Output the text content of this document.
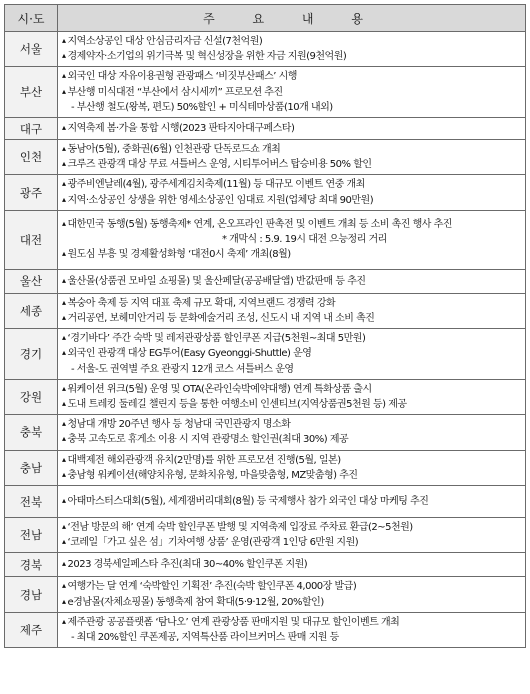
시·도	주 요 내 용
서울	▴ 지역소상공인 대상 안심금리자금 신설(7천억원)
▴ 경제약자·소기업의 위기극복 및 혁신성장을 위한 자금 지원(9천억원)

부산	▴ 외국인 대상 자유이용권형 관광패스 ‘비짓부산패스’ 시행
▴ 부산행 미식대전 “부산에서 삼시세끼” 프로모션 추진
- 부산행 철도(왕복, 편도) 50%할인 + 미식테마상품(10개 내외)

대구	▴ 지역축제 봄·가을 통합 시행(2023 판타지아대구페스타)

인천	▴ 동남아(5월), 중화권(6월) 인천관광 단독로드쇼 개최
▴ 크루즈 관광객 대상 무료 셔틀버스 운영, 시티투어버스 탑승비용 50% 할인

광주	▴ 광주비엔날레(4월), 광주세계김치축제(11월) 등 대규모 이벤트 연중 개최
▴ 지역·소상공인 상생을 위한 영세소상공인 임대료 지원(업체당 최대 90만원)

대전	▴ 대한민국 동행(5월) 동행축제* 연계, 온오프라인 판촉전 및 이벤트 개최 등 소비 촉진 행사 추진
* 개막식 : 5.9. 19시 대전 으능정리 거리
▴ 원도심 부흥 및 경제활성화형 ‘대전0시 축제’ 개최(8월)

울산	▴ 울산몰(상품권 모바일 쇼핑몰) 및 울산페달(공공배달앱) 반값판매 등 추진

세종	▴ 복숭아 축제 등 지역 대표 축제 규모 확대, 지역브랜드 경쟁력 강화
▴ 거리공연, 보헤미안거리 등 문화예술거리 조성, 신도시 내 지역 내 소비 촉진

경기	▴ ‘경기바다’ 주간 숙박 및 레저관광상품 할인쿠폰 지급(5천원~최대 5만원)
▴ 외국인 관광객 대상 EG투어(Easy Gyeonggi-Shuttle) 운영
- 서울-도 권역별 주요 관광지 12개 코스 셔틀버스 운영

강원	▴ 워케이션 위크(5월) 운영 및 OTA(온라인숙박예약대행) 연계 특화상품 출시
▴ 도내 트레킹 둘레길 챌린지 등을 통한 여행소비 인센티브(지역상품권5천원 등) 제공

충북	▴ 청남대 개방 20주년 행사 등 청남대 국민관광지 명소화
▴ 충북 고속도로 휴게소 이용 시 지역 관광명소 할인권(최대 30%) 제공

충남	▴ 대백제전 해외관광객 유치(2만명)를 위한 프로모션 진행(5월, 일본)
▴ 충남형 워케이션(해양치유형, 문화치유형, 마을맞춤형, MZ맞춤형) 추진

전북	▴ 아태마스터스대회(5월), 세계잼버리대회(8월) 등 국제행사 참가 외국인 대상 마케팅 추진

전남	▴ ‘전남 방문의 해’ 연계 숙박 할인쿠폰 발행 및 지역축제 입장료 주차료 환급(2~5천원)
▴ ‘코레일「가고 싶은 섬」기차여행 상품’ 운영(관광객 1인당 6만원 지원)

경북	▴ 2023 경북세일페스타 추진(최대 30~40% 할인쿠폰 지원)

경남	▴ 여행가는 달 연계 ‘숙박할인 기획전’ 추진(숙박 할인쿠폰 4,000장 발급)
▴ e경남몰(자체쇼핑몰) 동행축제 참여 확대(5·9·12월, 20%할인)

제주	▴ 제주관광 공공플랫폼 ‘탐나오’ 연계 관광상품 판매지원 및 대규모 할인이벤트 개최
- 최대 20%할인 쿠폰제공, 지역특산품 라이브커머스 판매 지원 등
